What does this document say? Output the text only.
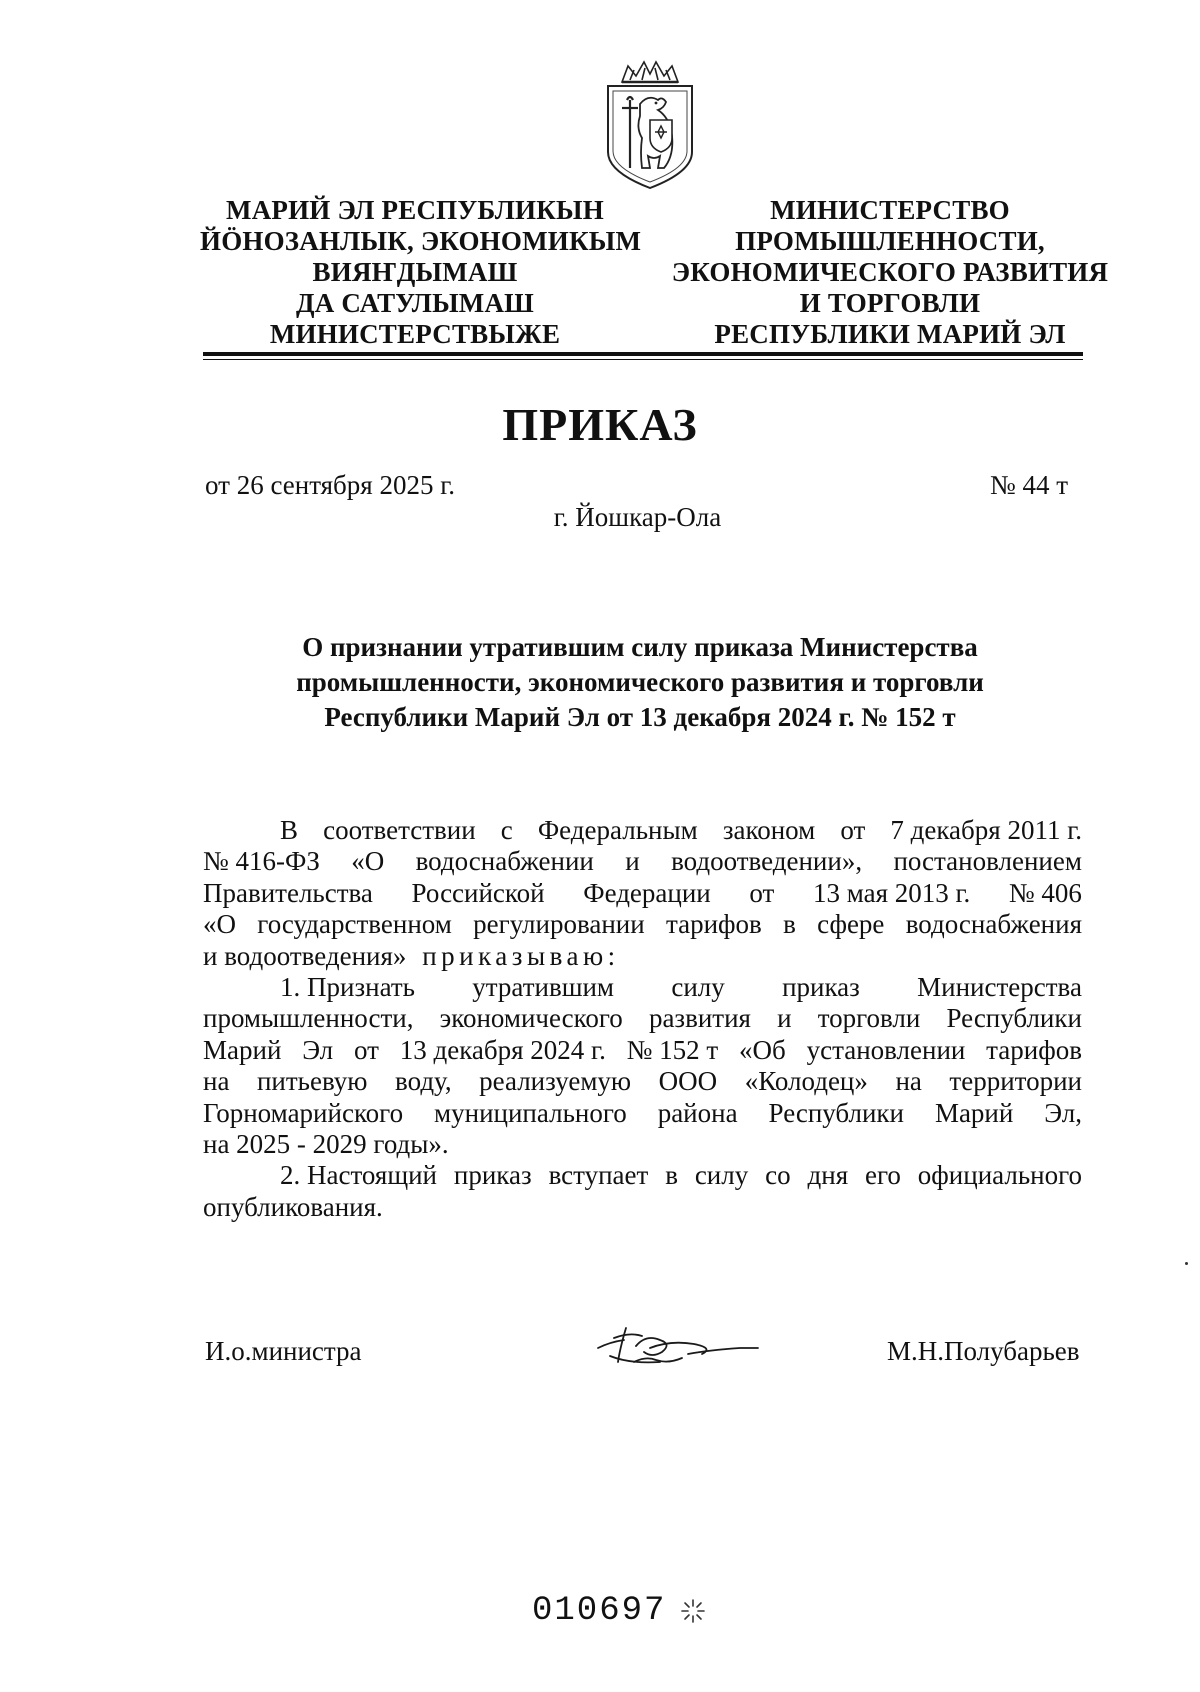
МАРИЙ ЭЛ РЕСПУБЛИКЫН
ЙӦНОЗАНЛЫК, ЭКОНОМИКЫМ
ВИЯҤДЫМАШ
ДА САТУЛЫМАШ
МИНИСТЕРСТВЫЖЕ
МИНИСТЕРСТВО
ПРОМЫШЛЕННОСТИ,
ЭКОНОМИЧЕСКОГО РАЗВИТИЯ
И ТОРГОВЛИ
РЕСПУБЛИКИ МАРИЙ ЭЛ
ПРИКАЗ
от 26 сентября 2025 г.	№ 44 т
г. Йошкар-Ола
О признании утратившим силу приказа Министерства
промышленности, экономического развития и торговли
Республики Марий Эл от 13 декабря 2024 г. № 152 т
В соответствии с Федеральным законом от 7 декабря 2011 г.
№ 416-ФЗ «О водоснабжении и водоотведении», постановлением
Правительства Российской Федерации от 13 мая 2013 г. № 406
«О государственном регулировании тарифов в сфере водоснабжения
и водоотведения» приказываю:
1. Признать утратившим силу приказ Министерства
промышленности, экономического развития и торговли Республики
Марий Эл от 13 декабря 2024 г. № 152 т «Об установлении тарифов
на питьевую воду, реализуемую ООО «Колодец» на территории
Горномарийского муниципального района Республики Марий Эл,
на 2025 - 2029 годы».
2. Настоящий приказ вступает в силу со дня его официального
опубликования.
И.о.министра	М.Н.Полубарьев
010697
